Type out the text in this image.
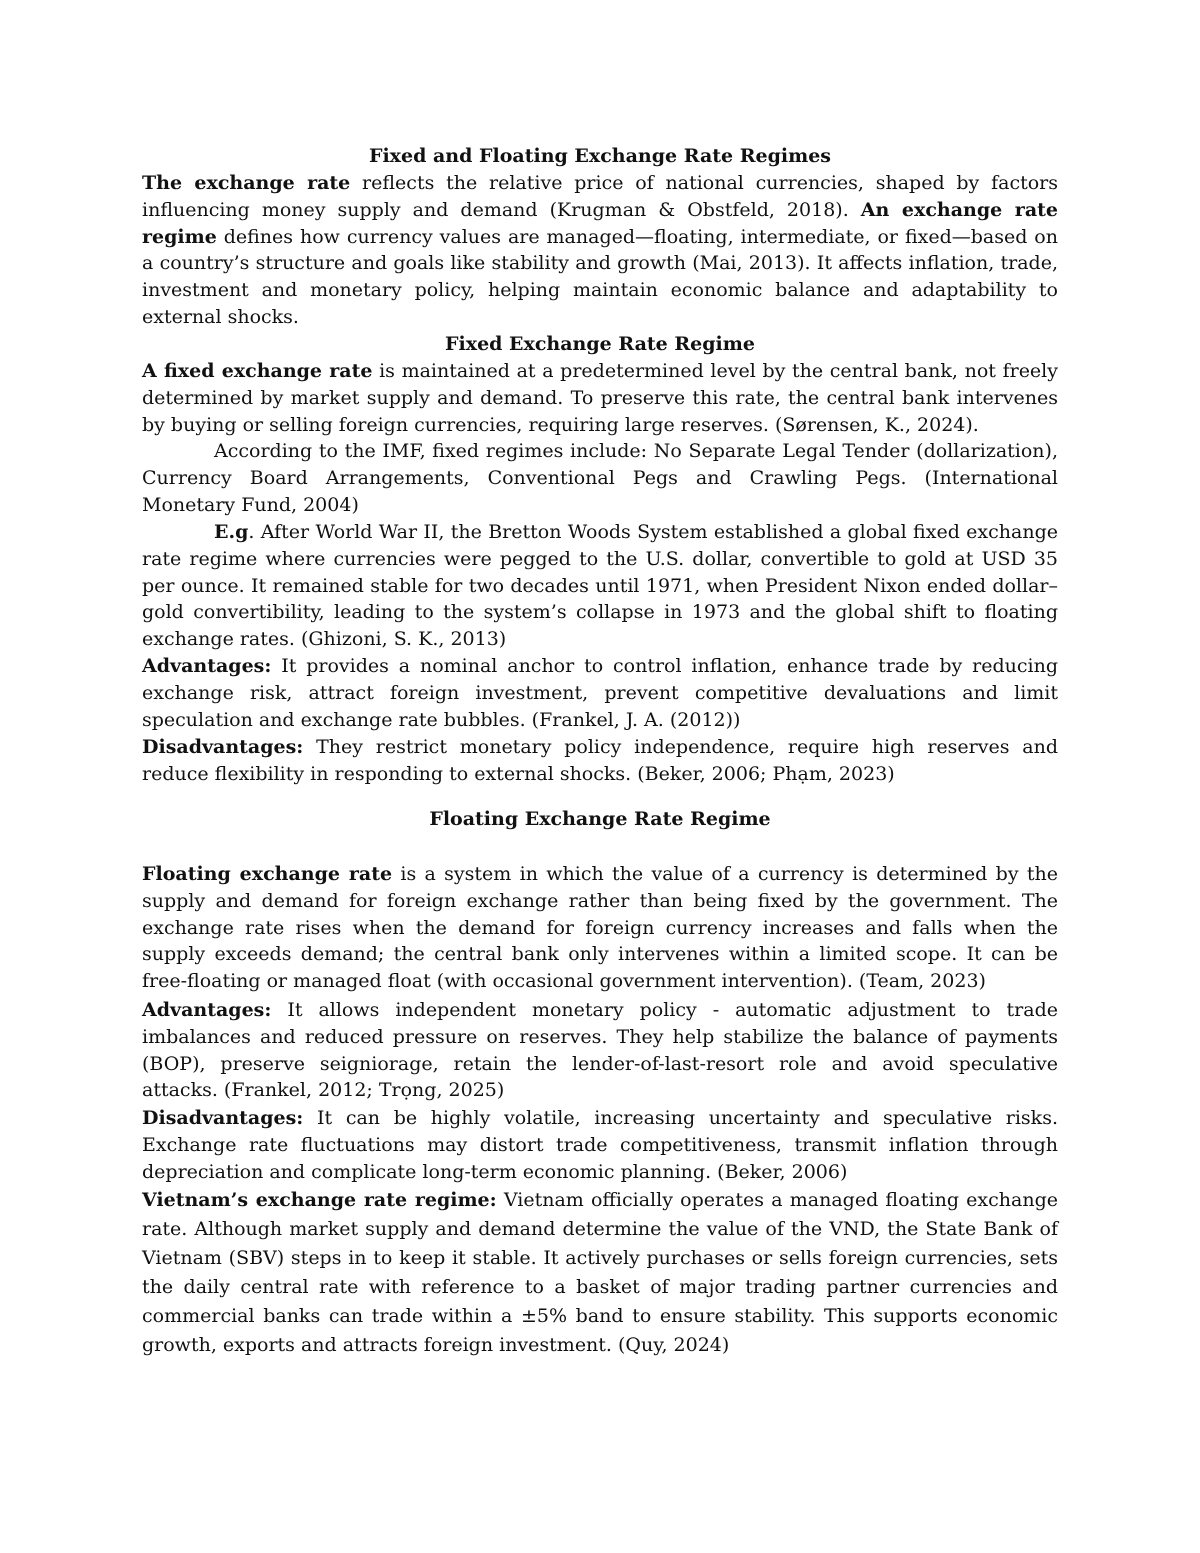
Fixed and Floating Exchange Rate Regimes

The exchange rate reflects the relative price of national currencies, shaped by factors influencing money supply and demand (Krugman & Obstfeld, 2018). An exchange rate regime defines how currency values are managed—floating, intermediate, or fixed—based on a country’s structure and goals like stability and growth (Mai, 2013). It affects inflation, trade, investment and monetary policy, helping maintain economic balance and adaptability to external shocks.

Fixed Exchange Rate Regime

A fixed exchange rate is maintained at a predetermined level by the central bank, not freely determined by market supply and demand. To preserve this rate, the central bank intervenes by buying or selling foreign currencies, requiring large reserves. (Sørensen, K., 2024).

According to the IMF, fixed regimes include: No Separate Legal Tender (dollarization), Currency Board Arrangements, Conventional Pegs and Crawling Pegs. (International Monetary Fund, 2004)

E.g. After World War II, the Bretton Woods System established a global fixed exchange rate regime where currencies were pegged to the U.S. dollar, convertible to gold at USD 35 per ounce. It remained stable for two decades until 1971, when President Nixon ended dollar–gold convertibility, leading to the system’s collapse in 1973 and the global shift to floating exchange rates. (Ghizoni, S. K., 2013)

Advantages: It provides a nominal anchor to control inflation, enhance trade by reducing exchange risk, attract foreign investment, prevent competitive devaluations and limit speculation and exchange rate bubbles. (Frankel, J. A. (2012))

Disadvantages: They restrict monetary policy independence, require high reserves and reduce flexibility in responding to external shocks. (Beker, 2006; Phạm, 2023)

Floating Exchange Rate Regime

Floating exchange rate is a system in which the value of a currency is determined by the supply and demand for foreign exchange rather than being fixed by the government. The exchange rate rises when the demand for foreign currency increases and falls when the supply exceeds demand; the central bank only intervenes within a limited scope. It can be free-floating or managed float (with occasional government intervention). (Team, 2023)

Advantages: It allows independent monetary policy - automatic adjustment to trade imbalances and reduced pressure on reserves. They help stabilize the balance of payments (BOP), preserve seigniorage, retain the lender-of-last-resort role and avoid speculative attacks. (Frankel, 2012; Trọng, 2025)

Disadvantages: It can be highly volatile, increasing uncertainty and speculative risks. Exchange rate fluctuations may distort trade competitiveness, transmit inflation through depreciation and complicate long-term economic planning. (Beker, 2006)

Vietnam’s exchange rate regime: Vietnam officially operates a managed floating exchange rate. Although market supply and demand determine the value of the VND, the State Bank of Vietnam (SBV) steps in to keep it stable. It actively purchases or sells foreign currencies, sets the daily central rate with reference to a basket of major trading partner currencies and commercial banks can trade within a ±5% band to ensure stability. This supports economic growth, exports and attracts foreign investment. (Quy, 2024)
